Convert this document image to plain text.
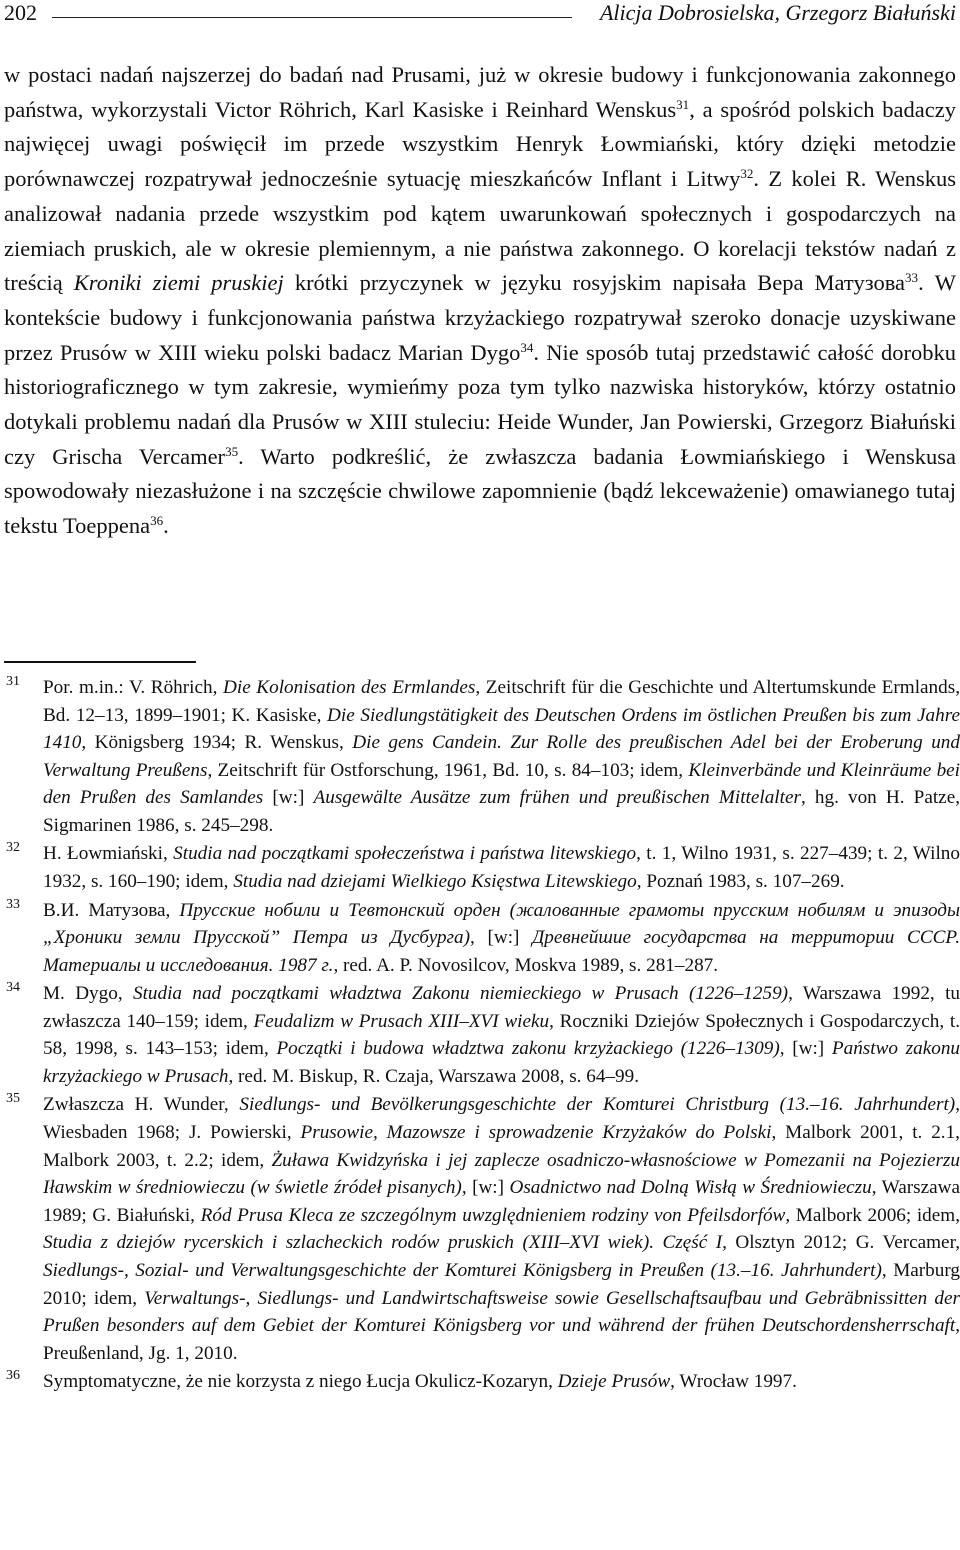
202	Alicja Dobrosielska, Grzegorz Białuński

w postaci nadań najszerzej do badań nad Prusami, już w okresie budowy i funkcjonowania zakonnego państwa, wykorzystali Victor Röhrich, Karl Kasiske i Reinhard Wenskus$^{31}$, a spośród polskich badaczy najwięcej uwagi poświęcił im przede wszystkim Henryk Łowmiański, który dzięki metodzie porównawczej rozpatrywał jednocześnie sytuację mieszkańców Inflant i Litwy$^{32}$. Z kolei R. Wenskus analizował nadania przede wszystkim pod kątem uwarunkowań społecznych i gospodarczych na ziemiach pruskich, ale w okresie plemiennym, a nie państwa zakonnego. O korelacji tekstów nadań z treścią Kroniki ziemi pruskiej krótki przyczynek w języku rosyjskim napisała Вера Матузова$^{33}$. W kontekście budowy i funkcjonowania państwa krzyżackiego rozpatrywał szeroko donacje uzyskiwane przez Prusów w XIII wieku polski badacz Marian Dygo$^{34}$. Nie sposób tutaj przedstawić całość dorobku historiograficznego w tym zakresie, wymieńmy poza tym tylko nazwiska historyków, którzy ostatnio dotykali problemu nadań dla Prusów w XIII stuleciu: Heide Wunder, Jan Powierski, Grzegorz Białuński czy Grischa Vercamer$^{35}$. Warto podkreślić, że zwłaszcza badania Łowmiańskiego i Wenskusa spowodowały niezasłużone i na szczęście chwilowe zapomnienie (bądź lekceważenie) omawianego tutaj tekstu Toeppena$^{36}$.

31 Por. m.in.: V. Röhrich, Die Kolonisation des Ermlandes, Zeitschrift für die Geschichte und Altertumskunde Ermlands, Bd. 12–13, 1899–1901; K. Kasiske, Die Siedlungstätigkeit des Deutschen Ordens im östlichen Preußen bis zum Jahre 1410, Königsberg 1934; R. Wenskus, Die gens Candein. Zur Rolle des preußischen Adel bei der Eroberung und Verwaltung Preußens, Zeitschrift für Ostforschung, 1961, Bd. 10, s. 84–103; idem, Kleinverbände und Kleinräume bei den Prußen des Samlandes [w:] Ausgewälte Ausätze zum frühen und preußischen Mittelalter, hg. von H. Patze, Sigmarinen 1986, s. 245–298.

32 H. Łowmiański, Studia nad początkami społeczeństwa i państwa litewskiego, t. 1, Wilno 1931, s. 227–439; t. 2, Wilno 1932, s. 160–190; idem, Studia nad dziejami Wielkiego Księstwa Litewskiego, Poznań 1983, s. 107–269.

33 В.И. Матузова, Прусские нобили и Тевтонский орден (жалованные грамоты прусским нобилям и эпизоды „Хроники земли Прусской” Петра из Дусбурга), [w:] Древнейшие государства на территории СССР. Материалы и исследования. 1987 г., red. A. P. Novosilcov, Moskva 1989, s. 281–287.

34 M. Dygo, Studia nad początkami władztwa Zakonu niemieckiego w Prusach (1226–1259), Warszawa 1992, tu zwłaszcza 140–159; idem, Feudalizm w Prusach XIII–XVI wieku, Roczniki Dziejów Społecznych i Gospodarczych, t. 58, 1998, s. 143–153; idem, Początki i budowa władztwa zakonu krzyżackiego (1226–1309), [w:] Państwo zakonu krzyżackiego w Prusach, red. M. Biskup, R. Czaja, Warszawa 2008, s. 64–99.

35 Zwłaszcza H. Wunder, Siedlungs- und Bevölkerungsgeschichte der Komturei Christburg (13.–16. Jahrhundert), Wiesbaden 1968; J. Powierski, Prusowie, Mazowsze i sprowadzenie Krzyżaków do Polski, Malbork 2001, t. 2.1, Malbork 2003, t. 2.2; idem, Żuława Kwidzyńska i jej zaplecze osadniczo-własnościowe w Pomezanii na Pojezierzu Iławskim w średniowieczu (w świetle źródeł pisanych), [w:] Osadnictwo nad Dolną Wisłą w Średniowieczu, Warszawa 1989; G. Białuński, Ród Prusa Kleca ze szczególnym uwzględnieniem rodziny von Pfeilsdorfów, Malbork 2006; idem, Studia z dziejów rycerskich i szlacheckich rodów pruskich (XIII–XVI wiek). Część I, Olsztyn 2012; G. Vercamer, Siedlungs-, Sozial- und Verwaltungsgeschichte der Komturei Königsberg in Preußen (13.–16. Jahrhundert), Marburg 2010; idem, Verwaltungs-, Siedlungs- und Landwirtschaftsweise sowie Gesellschaftsaufbau und Gebräbnissitten der Prußen besonders auf dem Gebiet der Komturei Königsberg vor und während der frühen Deutschordensherrschaft, Preußenland, Jg. 1, 2010.

36 Symptomatyczne, że nie korzysta z niego Łucja Okulicz-Kozaryn, Dzieje Prusów, Wrocław 1997.
